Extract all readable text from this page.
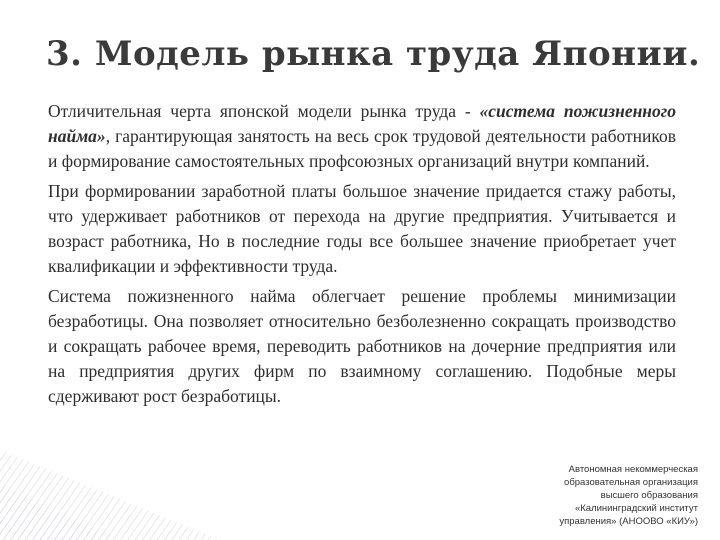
3. Модель рынка труда Японии.

Отличительная черта японской модели рынка труда - «система пожизненного найма», гарантирующая занятость на весь срок трудовой деятельности работников и формирование самостоятельных профсоюзных организаций внутри компаний.

При формировании заработной платы большое значение придается стажу работы, что удерживает работников от перехода на другие предприятия. Учитывается и возраст работника, Но в последние годы все большее значение приобретает учет квалификации и эффективности труда.

Система пожизненного найма облегчает решение проблемы минимизации безработицы. Она позволяет относительно безболезненно сокращать производство и сокращать рабочее время, переводить работников на дочерние предприятия или на предприятия других фирм по взаимному соглашению. Подобные меры сдерживают рост безработицы.

Автономная некоммерческая
образовательная организация
высшего образования
«Калининградский институт
управления» (АНООВО «КИУ»)
